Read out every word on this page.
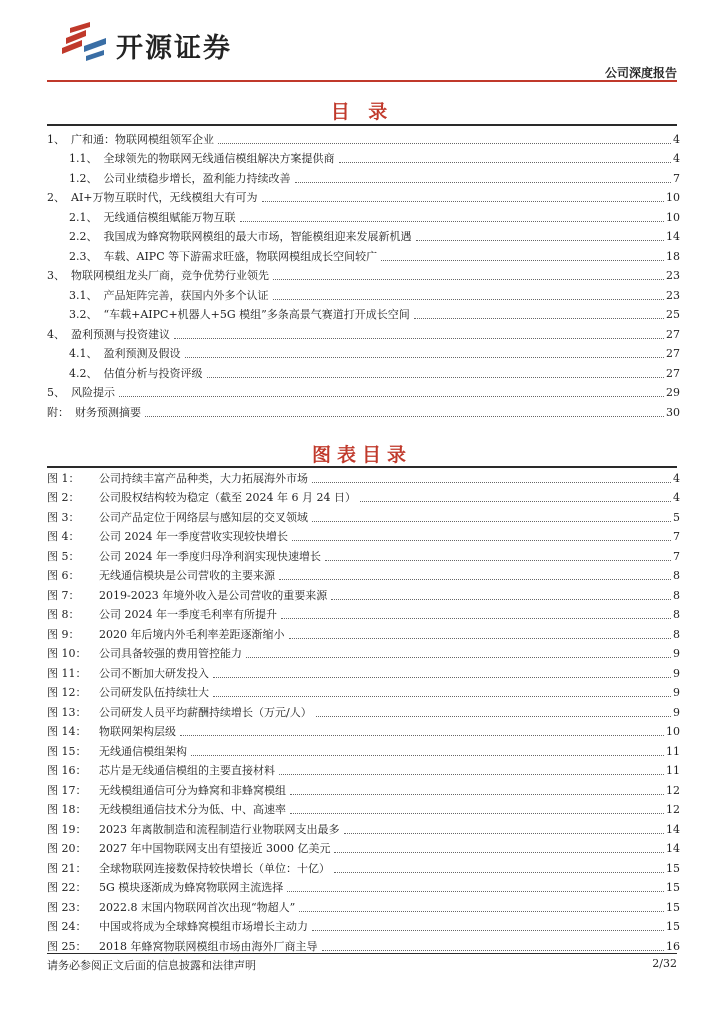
开源证券
公司深度报告
目 录
1、 广和通：物联网模组领军企业	4
1.1、 全球领先的物联网无线通信模组解决方案提供商	4
1.2、 公司业绩稳步增长，盈利能力持续改善	7
2、 AI+万物互联时代，无线模组大有可为	10
2.1、 无线通信模组赋能万物互联	10
2.2、 我国成为蜂窝物联网模组的最大市场，智能模组迎来发展新机遇	14
2.3、 车载、AIPC 等下游需求旺盛，物联网模组成长空间较广	18
3、 物联网模组龙头厂商，竞争优势行业领先	23
3.1、 产品矩阵完善，获国内外多个认证	23
3.2、 “车载+AIPC+机器人+5G 模组”多条高景气赛道打开成长空间	25
4、 盈利预测与投资建议	27
4.1、 盈利预测及假设	27
4.2、 估值分析与投资评级	27
5、 风险提示	29
附： 财务预测摘要	30
图表目录
图 1：	公司持续丰富产品种类，大力拓展海外市场	4
图 2：	公司股权结构较为稳定（截至 2024 年 6 月 24 日）	4
图 3：	公司产品定位于网络层与感知层的交叉领域	5
图 4：	公司 2024 年一季度营收实现较快增长	7
图 5：	公司 2024 年一季度归母净利润实现快速增长	7
图 6：	无线通信模块是公司营收的主要来源	8
图 7：	2019-2023 年境外收入是公司营收的重要来源	8
图 8：	公司 2024 年一季度毛利率有所提升	8
图 9：	2020 年后境内外毛利率差距逐渐缩小	8
图 10：	公司具备较强的费用管控能力	9
图 11：	公司不断加大研发投入	9
图 12：	公司研发队伍持续壮大	9
图 13：	公司研发人员平均薪酬持续增长（万元/人）	9
图 14：	物联网架构层级	10
图 15：	无线通信模组架构	11
图 16：	芯片是无线通信模组的主要直接材料	11
图 17：	无线模组通信可分为蜂窝和非蜂窝模组	12
图 18：	无线模组通信技术分为低、中、高速率	12
图 19：	2023 年离散制造和流程制造行业物联网支出最多	14
图 20：	2027 年中国物联网支出有望接近 3000 亿美元	14
图 21：	全球物联网连接数保持较快增长（单位：十亿）	15
图 22：	5G 模块逐渐成为蜂窝物联网主流选择	15
图 23：	2022.8 末国内物联网首次出现“物超人”	15
图 24：	中国或将成为全球蜂窝模组市场增长主动力	15
图 25：	2018 年蜂窝物联网模组市场由海外厂商主导	16
请务必参阅正文后面的信息披露和法律声明	2/32
